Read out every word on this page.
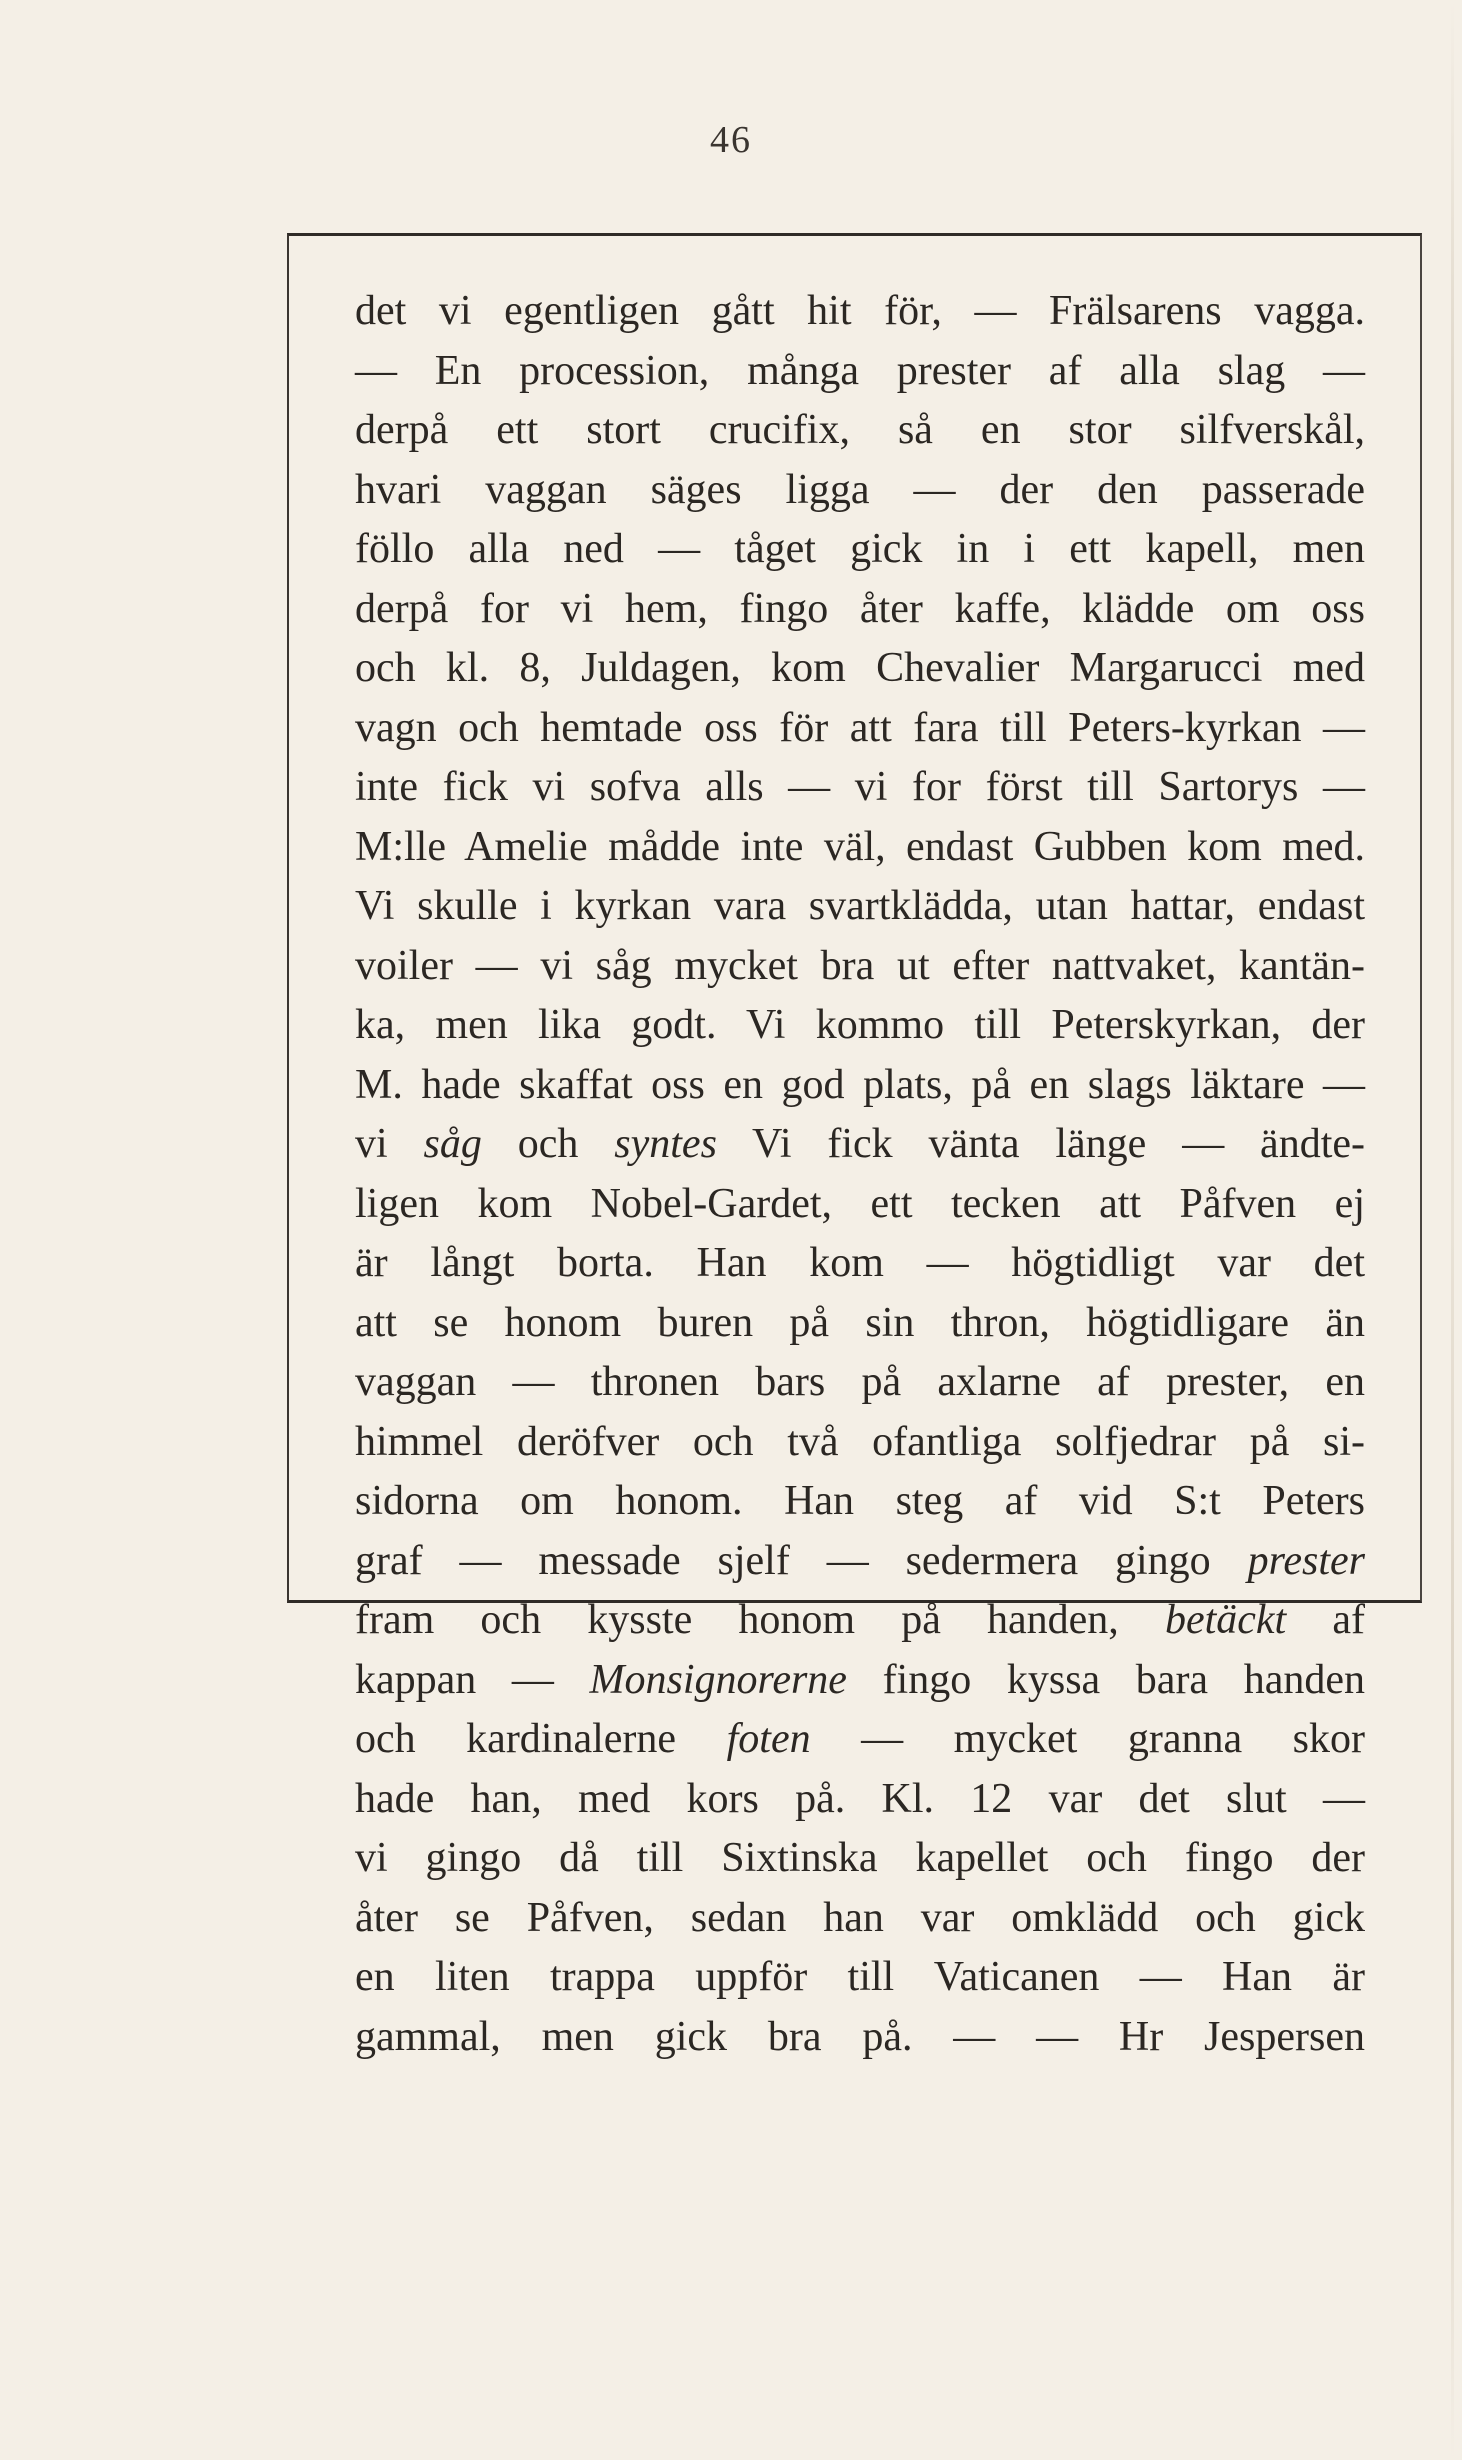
46
det vi egentligen gått hit för, — Frälsarens vagga.
— En procession, många prester af alla slag —
derpå ett stort crucifix, så en stor silfverskål,
hvari vaggan säges ligga — der den passerade
föllo alla ned — tåget gick in i ett kapell, men
derpå for vi hem, fingo åter kaffe, klädde om oss
och kl. 8, Juldagen, kom Chevalier Margarucci med
vagn och hemtade oss för att fara till Peters-kyrkan —
inte fick vi sofva alls — vi for först till Sartorys —
M:lle Amelie mådde inte väl, endast Gubben kom med.
Vi skulle i kyrkan vara svartklädda, utan hattar, endast
voiler — vi såg mycket bra ut efter nattvaket, kantän-
ka, men lika godt. Vi kommo till Peterskyrkan, der
M. hade skaffat oss en god plats, på en slags läktare —
vi såg och syntes Vi fick vänta länge — ändte-
ligen kom Nobel-Gardet, ett tecken att Påfven ej
är långt borta. Han kom — högtidligt var det
att se honom buren på sin thron, högtidligare än
vaggan — thronen bars på axlarne af prester, en
himmel deröfver och två ofantliga solfjedrar på si-
sidorna om honom. Han steg af vid S:t Peters
graf — messade sjelf — sedermera gingo prester
fram och kysste honom på handen, betäckt af
kappan — Monsignorerne fingo kyssa bara handen
och kardinalerne foten — mycket granna skor
hade han, med kors på. Kl. 12 var det slut —
vi gingo då till Sixtinska kapellet och fingo der
åter se Påfven, sedan han var omklädd och gick
en liten trappa uppför till Vaticanen — Han är
gammal, men gick bra på. — — Hr Jespersen
